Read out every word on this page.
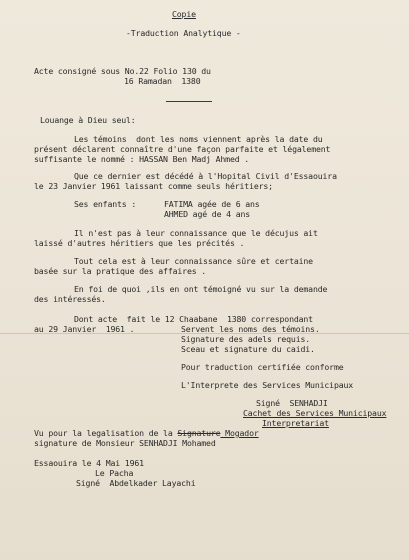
Copie
-Traduction Analytique -
Acte consigné sous No.22 Folio 130 du
16 Ramadan  1380
Louange à Dieu seul:
Les témoins  dont les noms viennent après la date du
présent déclarent connaître d'une façon parfaite et légalement
suffisante le nommé : HASSAN Ben Madj Ahmed .
Que ce dernier est décédé à l'Hopital Civil d'Essaouira
le 23 Janvier 1961 laissant comme seuls héritiers;
Ses enfants :	FATIMA agée de 6 ans
AHMED agé de 4 ans
Il n'est pas à leur connaissance que le décujus ait
laissé d'autres héritiers que les précités .
Tout cela est à leur connaissance sûre et certaine
basée sur la pratique des affaires .
En foi de quoi ,ils en ont témoigné vu sur la demande
des intéressés.
Dont acte  fait le 12 Chaabane  1380 correspondant
au 29 Janvier  1961 .	Servent les noms des témoins.
Signature des adels requis.
Sceau et signature du caidi.
Pour traduction certifiée conforme
L'Interprete des Services Municipaux
Signé  SENHADJI
Cachet des Services Municipaux
Interpretariat
Vu pour la legalisation de la Signature Mogador
signature de Monsieur SENHADJI Mohamed
Essaouira le 4 Mai 1961
Le Pacha
Signé  Abdelkader Layachi
